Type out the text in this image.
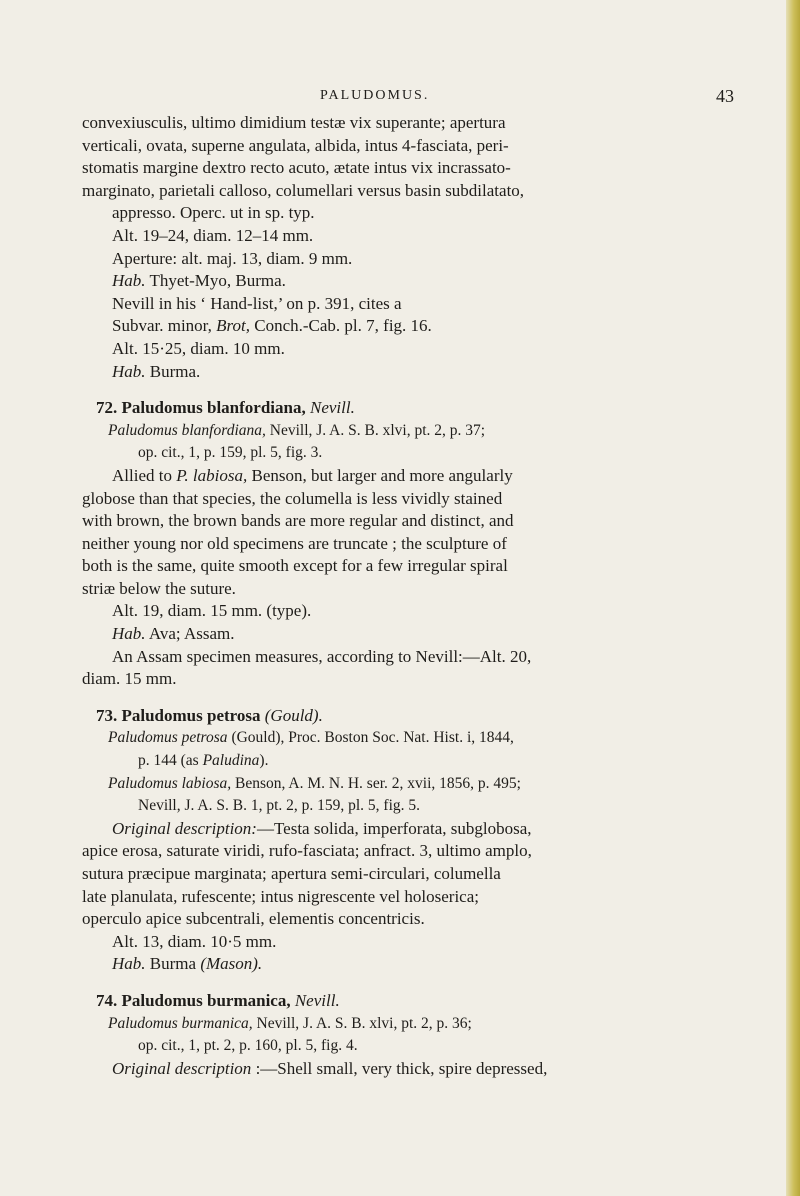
PALUDOMUS.	43

convexiusculis, ultimo dimidium testæ vix superante; apertura

verticali, ovata, superne angulata, albida, intus 4-fasciata, peri-

stomatis margine dextro recto acuto, ætate intus vix incrassato-

marginato, parietali calloso, columellari versus basin subdilatato,

appresso. Operc. ut in sp. typ.

Alt. 19–24, diam. 12–14 mm.

Aperture: alt. maj. 13, diam. 9 mm.

Hab. Thyet-Myo, Burma.

Nevill in his ‘ Hand-list,’ on p. 391, cites a

Subvar. minor, Brot, Conch.-Cab. pl. 7, fig. 16.

Alt. 15·25, diam. 10 mm.

Hab. Burma.

72. Paludomus blanfordiana, Nevill.

Paludomus blanfordiana, Nevill, J. A. S. B. xlvi, pt. 2, p. 37;
op. cit., 1, p. 159, pl. 5, fig. 3.

Allied to P. labiosa, Benson, but larger and more angularly

globose than that species, the columella is less vividly stained

with brown, the brown bands are more regular and distinct, and

neither young nor old specimens are truncate ; the sculpture of

both is the same, quite smooth except for a few irregular spiral

striæ below the suture.

Alt. 19, diam. 15 mm. (type).

Hab. Ava; Assam.

An Assam specimen measures, according to Nevill:—Alt. 20,

diam. 15 mm.

73. Paludomus petrosa (Gould).

Paludomus petrosa (Gould), Proc. Boston Soc. Nat. Hist. i, 1844,
p. 144 (as Paludina).

Paludomus labiosa, Benson, A. M. N. H. ser. 2, xvii, 1856, p. 495;
Nevill, J. A. S. B. 1, pt. 2, p. 159, pl. 5, fig. 5.

Original description:—Testa solida, imperforata, subglobosa,

apice erosa, saturate viridi, rufo-fasciata; anfract. 3, ultimo amplo,

sutura præcipue marginata; apertura semi-circulari, columella

late planulata, rufescente; intus nigrescente vel holoserica;

operculo apice subcentrali, elementis concentricis.

Alt. 13, diam. 10·5 mm.

Hab. Burma (Mason).

74. Paludomus burmanica, Nevill.

Paludomus burmanica, Nevill, J. A. S. B. xlvi, pt. 2, p. 36;
op. cit., 1, pt. 2, p. 160, pl. 5, fig. 4.

Original description :—Shell small, very thick, spire depressed,
